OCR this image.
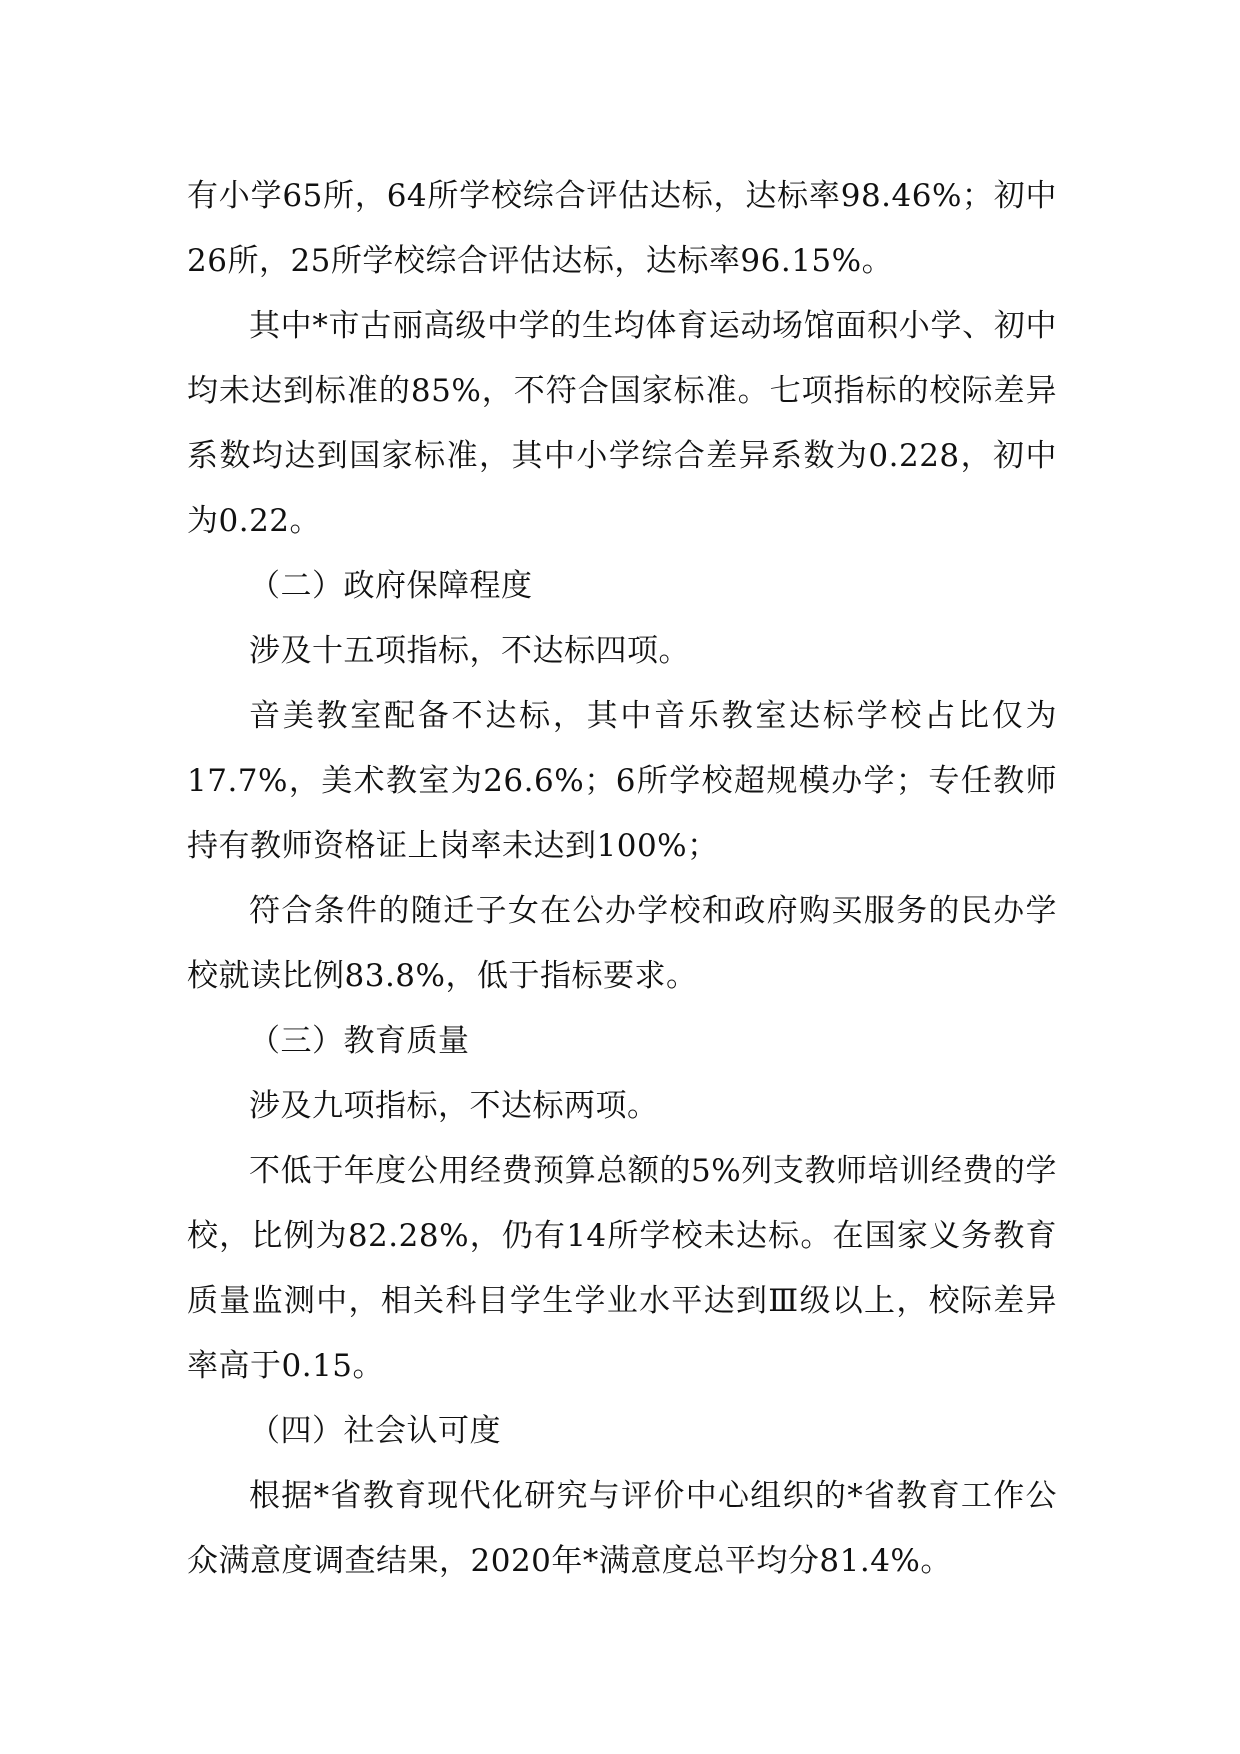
有小学65所，64所学校综合评估达标，达标率98.46%；初中26所，25所学校综合评估达标，达标率96.15%。

其中*市古丽高级中学的生均体育运动场馆面积小学、初中均未达到标准的85%，不符合国家标准。七项指标的校际差异系数均达到国家标准，其中小学综合差异系数为0.228，初中为0.22。

（二）政府保障程度

涉及十五项指标，不达标四项。

音美教室配备不达标，其中音乐教室达标学校占比仅为17.7%，美术教室为26.6%；6所学校超规模办学；专任教师持有教师资格证上岗率未达到100%；

符合条件的随迁子女在公办学校和政府购买服务的民办学校就读比例83.8%，低于指标要求。

（三）教育质量

涉及九项指标，不达标两项。

不低于年度公用经费预算总额的5%列支教师培训经费的学校，比例为82.28%，仍有14所学校未达标。在国家义务教育质量监测中，相关科目学生学业水平达到Ⅲ级以上，校际差异率高于0.15。

（四）社会认可度

根据*省教育现代化研究与评价中心组织的*省教育工作公众满意度调查结果，2020年*满意度总平均分81.4%。
